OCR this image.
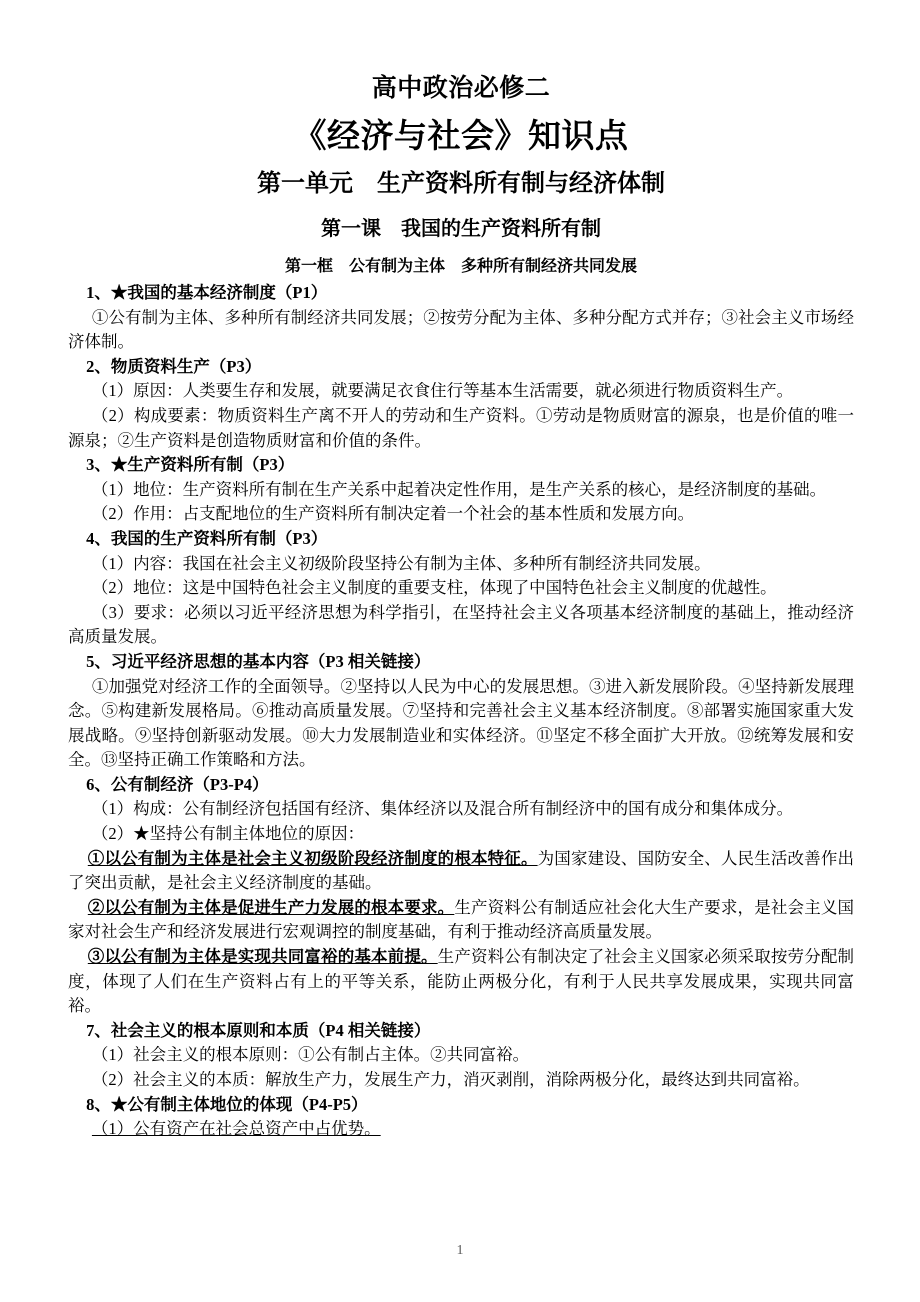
高中政治必修二
《经济与社会》知识点
第一单元　生产资料所有制与经济体制
第一课　我国的生产资料所有制
第一框　公有制为主体　多种所有制经济共同发展

1、★我国的基本经济制度（P1）

①公有制为主体、多种所有制经济共同发展；②按劳分配为主体、多种分配方式并存；③社会主义市场经济体制。

2、物质资料生产（P3）

（1）原因：人类要生存和发展，就要满足衣食住行等基本生活需要，就必须进行物质资料生产。

（2）构成要素：物质资料生产离不开人的劳动和生产资料。①劳动是物质财富的源泉，也是价值的唯一源泉；②生产资料是创造物质财富和价值的条件。

3、★生产资料所有制（P3）

（1）地位：生产资料所有制在生产关系中起着决定性作用，是生产关系的核心，是经济制度的基础。

（2）作用：占支配地位的生产资料所有制决定着一个社会的基本性质和发展方向。

4、我国的生产资料所有制（P3）

（1）内容：我国在社会主义初级阶段坚持公有制为主体、多种所有制经济共同发展。

（2）地位：这是中国特色社会主义制度的重要支柱，体现了中国特色社会主义制度的优越性。

（3）要求：必须以习近平经济思想为科学指引，在坚持社会主义各项基本经济制度的基础上，推动经济高质量发展。

5、习近平经济思想的基本内容（P3 相关链接）

①加强党对经济工作的全面领导。②坚持以人民为中心的发展思想。③进入新发展阶段。④坚持新发展理念。⑤构建新发展格局。⑥推动高质量发展。⑦坚持和完善社会主义基本经济制度。⑧部署实施国家重大发展战略。⑨坚持创新驱动发展。⑩大力发展制造业和实体经济。⑪坚定不移全面扩大开放。⑫统筹发展和安全。⑬坚持正确工作策略和方法。

6、公有制经济（P3-P4）

（1）构成：公有制经济包括国有经济、集体经济以及混合所有制经济中的国有成分和集体成分。

（2）★坚持公有制主体地位的原因：

①以公有制为主体是社会主义初级阶段经济制度的根本特征。为国家建设、国防安全、人民生活改善作出了突出贡献，是社会主义经济制度的基础。

②以公有制为主体是促进生产力发展的根本要求。生产资料公有制适应社会化大生产要求，是社会主义国家对社会生产和经济发展进行宏观调控的制度基础，有利于推动经济高质量发展。

③以公有制为主体是实现共同富裕的基本前提。生产资料公有制决定了社会主义国家必须采取按劳分配制度，体现了人们在生产资料占有上的平等关系，能防止两极分化，有利于人民共享发展成果，实现共同富裕。

7、社会主义的根本原则和本质（P4 相关链接）

（1）社会主义的根本原则：①公有制占主体。②共同富裕。

（2）社会主义的本质：解放生产力，发展生产力，消灭剥削，消除两极分化，最终达到共同富裕。

8、★公有制主体地位的体现（P4-P5）

（1）公有资产在社会总资产中占优势。

1
